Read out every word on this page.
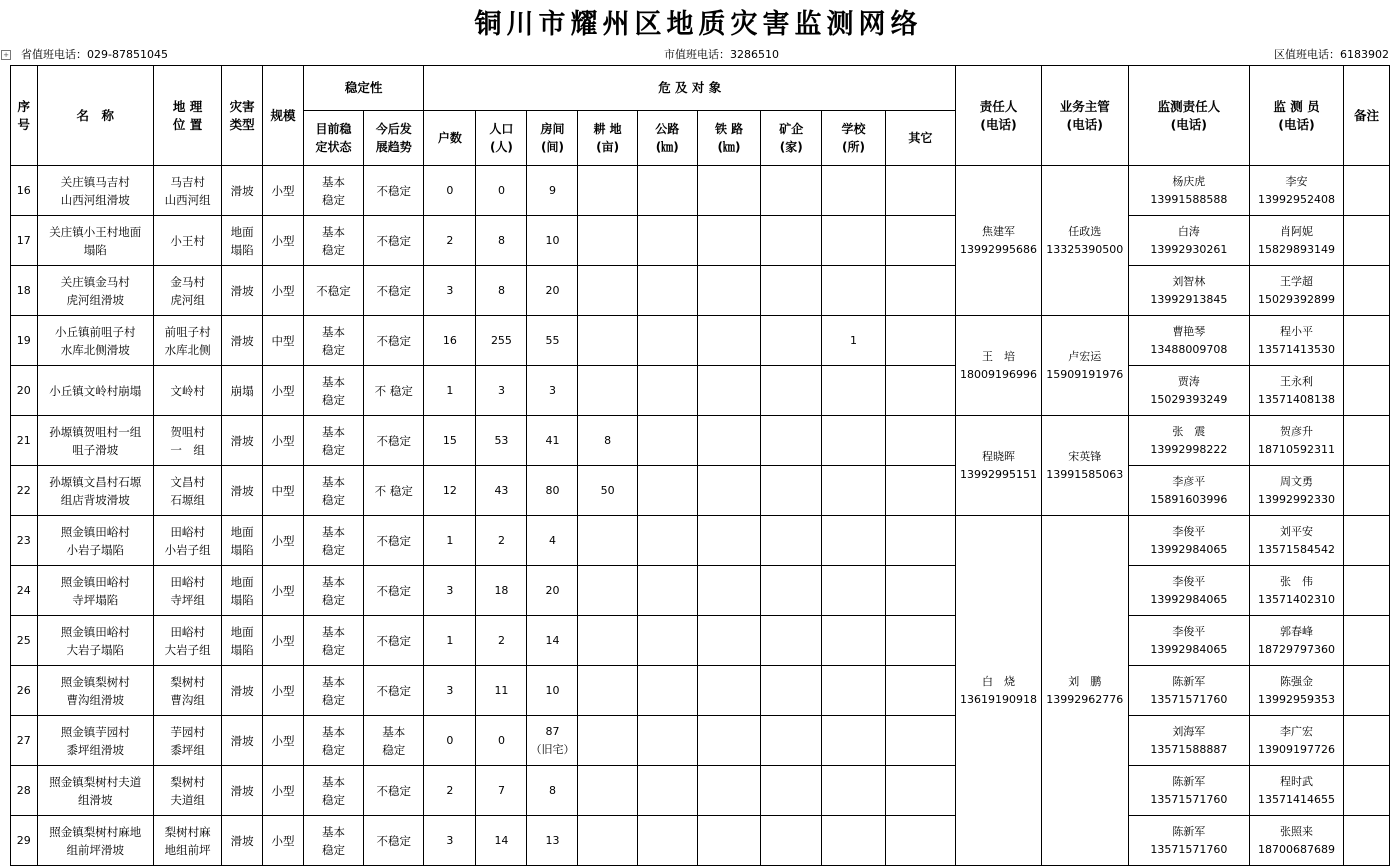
铜川市耀州区地质灾害监测网络
+ 省值班电话：029-87851045	市值班电话：3286510	区值班电话：6183902
序
号	名　称	地 理
位 置	灾害
类型	规模	稳定性		危 及 对 象									责任人
(电话)	业务主管
(电话)	监测责任人
(电话)	监 测 员
(电话)	备注
					目前稳
定状态	今后发
展趋势	户数	人口
(人)	房间
(间)	耕 地
(亩)	公路
(㎞)	铁 路
(㎞)	矿企
(家)	学校
(所)	其它					
16	关庄镇马吉村
山西河组滑坡	马吉村
山西河组	滑坡	小型	基本
稳定	不稳定	0	0	9							焦建军
13992995686	任政选
13325390500	杨庆虎
13991588588	李安
13992952408	
17	关庄镇小王村地面
塌陷	小王村	地面
塌陷	小型	基本
稳定	不稳定	2	8	10									白涛
13992930261	肖阿妮
15829893149	
18	关庄镇金马村
虎河组滑坡	金马村
虎河组	滑坡	小型	不稳定	不稳定	3	8	20									刘智林
13992913845	王学超
15029392899	
19	小丘镇前咀子村
水库北侧滑坡	前咀子村
水库北侧	滑坡	中型	基本
稳定	不稳定	16	255	55					1		王　培
18009196996	卢宏运
15909191976	曹艳琴
13488009708	程小平
13571413530	
20	小丘镇文岭村崩塌	文岭村	崩塌	小型	基本
稳定	不 稳定	1	3	3									贾涛
15029393249	王永利
13571408138	
21	孙塬镇贺咀村一组
咀子滑坡	贺咀村
一　组	滑坡	小型	基本
稳定	不稳定	15	53	41	8						程晓晖
13992995151	宋英锋
13991585063	张　震
13992998222	贺彦升
18710592311	
22	孙塬镇文昌村石塬
组店背坡滑坡	文昌村
石塬组	滑坡	中型	基本
稳定	不 稳定	12	43	80	50								李彦平
15891603996	周文勇
13992992330	
23	照金镇田峪村
小岩子塌陷	田峪村
小岩子组	地面
塌陷	小型	基本
稳定	不稳定	1	2	4							白　烧
13619190918	刘　鹏
13992962776	李俊平
13992984065	刘平安
13571584542	
24	照金镇田峪村
寺坪塌陷	田峪村
寺坪组	地面
塌陷	小型	基本
稳定	不稳定	3	18	20									李俊平
13992984065	张　伟
13571402310	
25	照金镇田峪村
大岩子塌陷	田峪村
大岩子组	地面
塌陷	小型	基本
稳定	不稳定	1	2	14									李俊平
13992984065	郭春峰
18729797360	
26	照金镇梨树村
曹沟组滑坡	梨树村
曹沟组	滑坡	小型	基本
稳定	不稳定	3	11	10									陈新军
13571571760	陈强金
13992959353	
27	照金镇芋园村
黍坪组滑坡	芋园村
黍坪组	滑坡	小型	基本
稳定	基本
稳定	0	0	87
（旧宅）									刘海军
13571588887	李广宏
13909197726	
28	照金镇梨树村夫道
组滑坡	梨树村
夫道组	滑坡	小型	基本
稳定	不稳定	2	7	8									陈新军
13571571760	程时武
13571414655	
29	照金镇梨树村麻地
组前坪滑坡	梨树村麻
地组前坪	滑坡	小型	基本
稳定	不稳定	3	14	13									陈新军
13571571760	张照来
18700687689	
